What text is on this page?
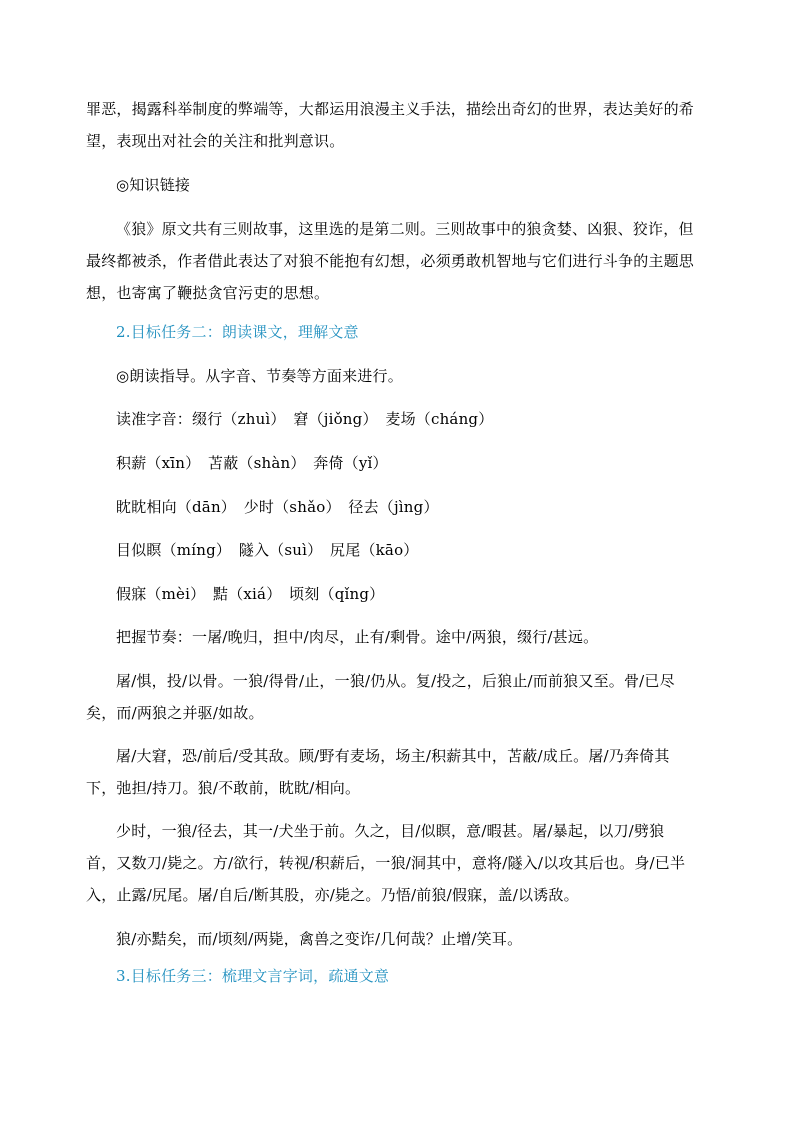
罪恶，揭露科举制度的弊端等，大都运用浪漫主义手法，描绘出奇幻的世界，表达美好的希
望，表现出对社会的关注和批判意识。
◎知识链接
《狼》原文共有三则故事，这里选的是第二则。三则故事中的狼贪婪、凶狠、狡诈，但
最终都被杀，作者借此表达了对狼不能抱有幻想，必须勇敢机智地与它们进行斗争的主题思
想，也寄寓了鞭挞贪官污吏的思想。
2.目标任务二：朗读课文，理解文意
◎朗读指导。从字音、节奏等方面来进行。
读准字音：缀行（zhuì）　窘（jiǒng）　麦场（cháng）
积薪（xīn）　苫蔽（shàn）　奔倚（yǐ）
眈眈相向（dān）　少时（shǎo）　径去（jìng）
目似瞑（míng）　隧入（suì）　尻尾（kāo）
假寐（mèi）　黠（xiá）　顷刻（qǐng）
把握节奏：一屠/晚归，担中/肉尽，止有/剩骨。途中/两狼，缀行/甚远。
屠/惧，投/以骨。一狼/得骨/止，一狼/仍从。复/投之，后狼止/而前狼又至。骨/已尽
矣，而/两狼之并驱/如故。
屠/大窘，恐/前后/受其敌。顾/野有麦场，场主/积薪其中，苫蔽/成丘。屠/乃奔倚其
下，弛担/持刀。狼/不敢前，眈眈/相向。
少时，一狼/径去，其一/犬坐于前。久之，目/似瞑，意/暇甚。屠/暴起，以刀/劈狼
首，又数刀/毙之。方/欲行，转视/积薪后，一狼/洞其中，意将/隧入/以攻其后也。身/已半
入，止露/尻尾。屠/自后/断其股，亦/毙之。乃悟/前狼/假寐，盖/以诱敌。
狼/亦黠矣，而/顷刻/两毙，禽兽之变诈/几何哉？止增/笑耳。
3.目标任务三：梳理文言字词，疏通文意
